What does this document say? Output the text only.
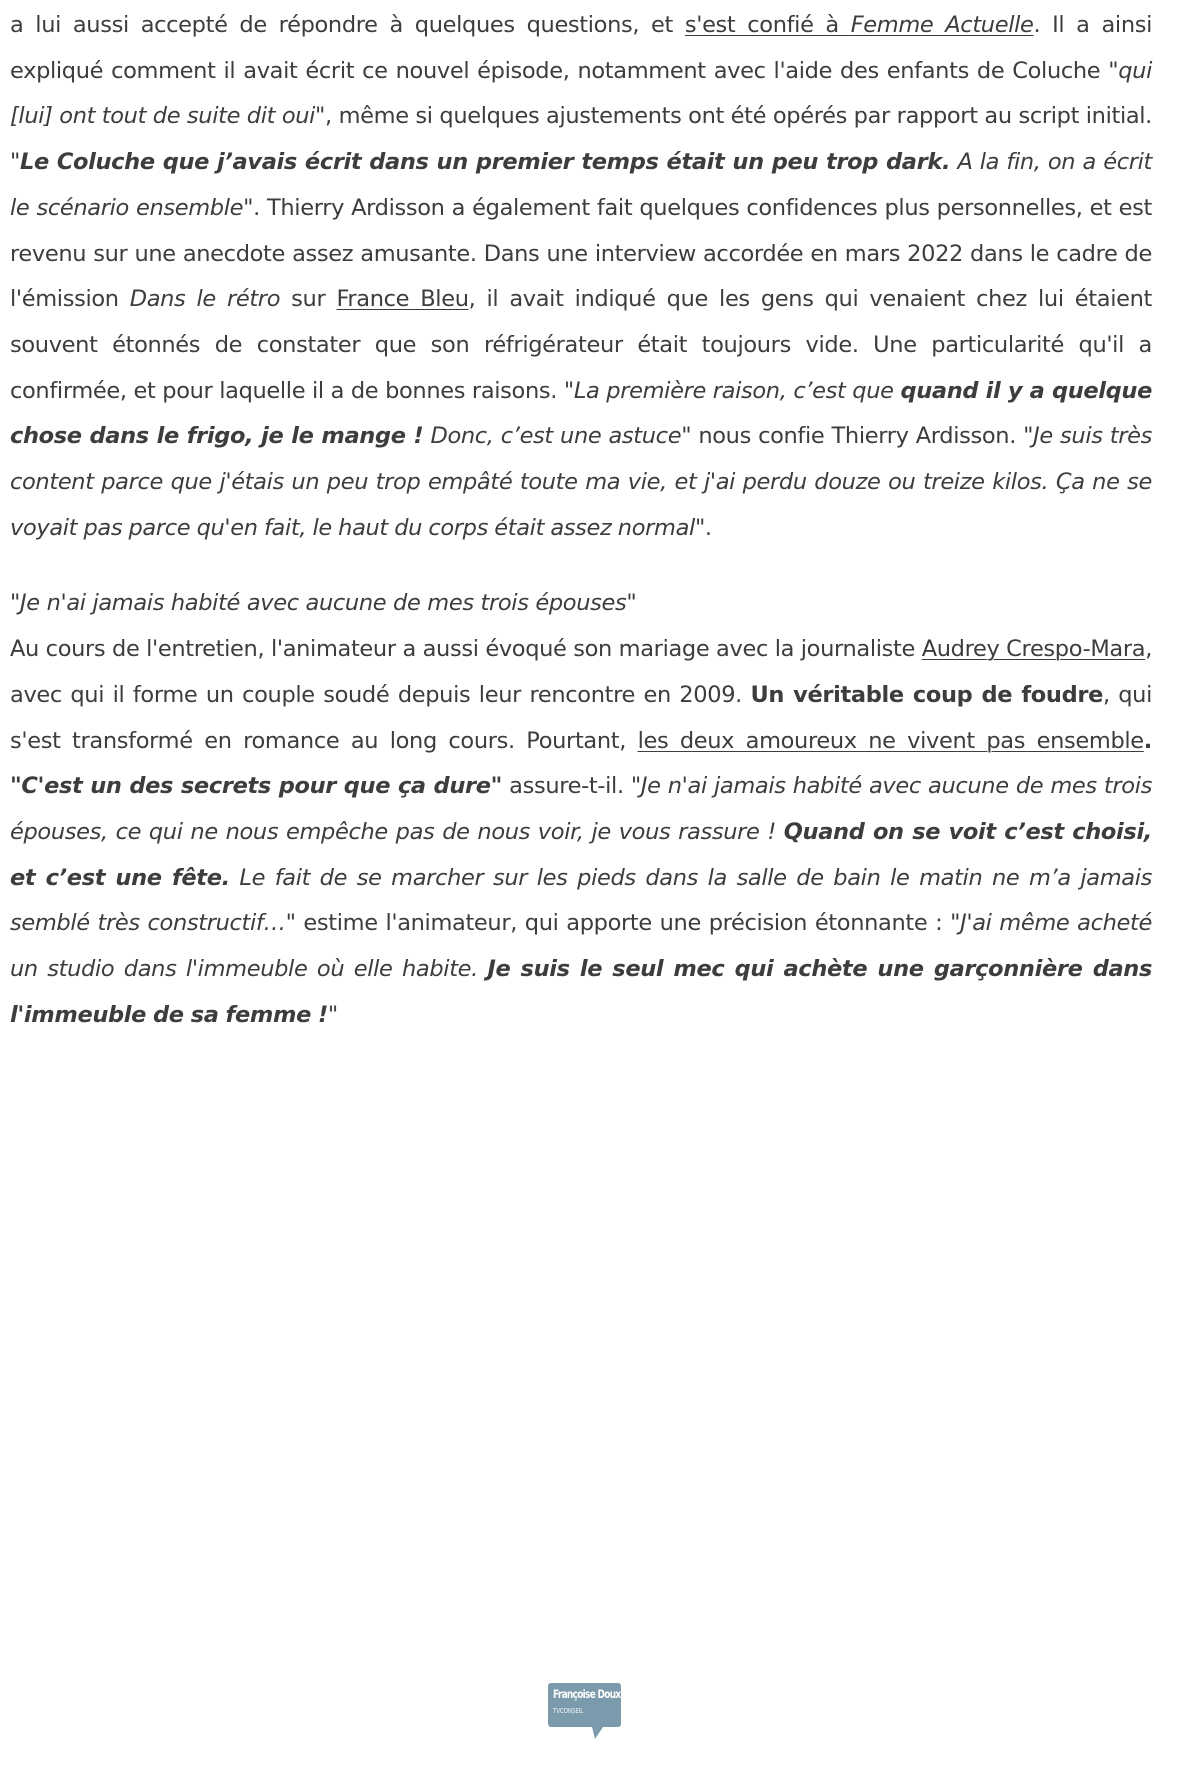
a lui aussi accepté de répondre à quelques questions, et s'est confié à Femme Actuelle. Il a ainsi expliqué comment il avait écrit ce nouvel épisode, notamment avec l'aide des enfants de Coluche "qui [lui] ont tout de suite dit oui", même si quelques ajustements ont été opérés par rapport au script initial. "Le Coluche que j’avais écrit dans un premier temps était un peu trop dark. A la fin, on a écrit le scénario ensemble". Thierry Ardisson a également fait quelques confidences plus personnelles, et est revenu sur une anecdote assez amusante. Dans une interview accordée en mars 2022 dans le cadre de l'émission Dans le rétro sur France Bleu, il avait indiqué que les gens qui venaient chez lui étaient souvent étonnés de constater que son réfrigérateur était toujours vide. Une particularité qu'il a confirmée, et pour laquelle il a de bonnes raisons. "La première raison, c’est que quand il y a quelque chose dans le frigo, je le mange ! Donc, c’est une astuce" nous confie Thierry Ardisson. "Je suis très content parce que j'étais un peu trop empâté toute ma vie, et j'ai perdu douze ou treize kilos. Ça ne se voyait pas parce qu'en fait, le haut du corps était assez normal".

"Je n'ai jamais habité avec aucune de mes trois épouses"

Au cours de l'entretien, l'animateur a aussi évoqué son mariage avec la journaliste Audrey Crespo-Mara, avec qui il forme un couple soudé depuis leur rencontre en 2009. Un véritable coup de foudre, qui s'est transformé en romance au long cours. Pourtant, les deux amoureux ne vivent pas ensemble. "C'est un des secrets pour que ça dure" assure-t-il. "Je n'ai jamais habité avec aucune de mes trois épouses, ce qui ne nous empêche pas de nous voir, je vous rassure ! Quand on se voit c’est choisi, et c’est une fête. Le fait de se marcher sur les pieds dans la salle de bain le matin ne m’a jamais semblé très constructif…" estime l'animateur, qui apporte une précision étonnante : "J'ai même acheté un studio dans l'immeuble où elle habite. Je suis le seul mec qui achète une garçonnière dans l'immeuble de sa femme !"

Françoise Doux
TVCONSEIL
